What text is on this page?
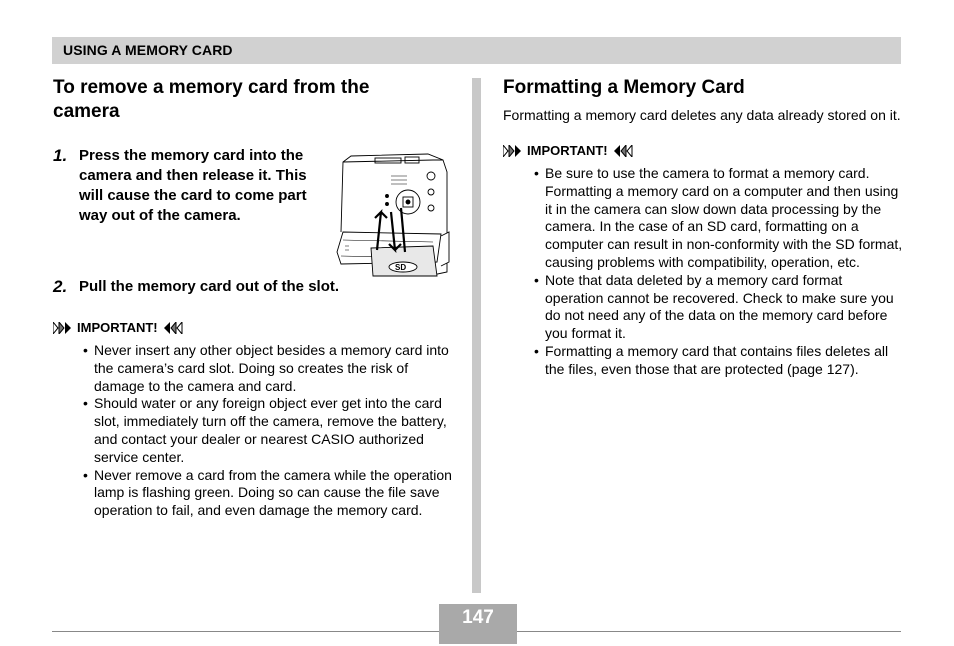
USING A MEMORY CARD
To remove a memory card from the camera
1. Press the memory card into the camera and then release it. This will cause the card to come part way out of the camera.
2. Pull the memory card out of the slot.
IMPORTANT!
• Never insert any other object besides a memory card into the camera’s card slot. Doing so creates the risk of damage to the camera and card.
• Should water or any foreign object ever get into the card slot, immediately turn off the camera, remove the battery, and contact your dealer or nearest CASIO authorized service center.
• Never remove a card from the camera while the operation lamp is flashing green. Doing so can cause the file save operation to fail, and even damage the memory card.
SD
Formatting a Memory Card
Formatting a memory card deletes any data already stored on it.
IMPORTANT!
• Be sure to use the camera to format a memory card. Formatting a memory card on a computer and then using it in the camera can slow down data processing by the camera. In the case of an SD card, formatting on a computer can result in non-conformity with the SD format, causing problems with compatibility, operation, etc.
• Note that data deleted by a memory card format operation cannot be recovered. Check to make sure you do not need any of the data on the memory card before you format it.
• Formatting a memory card that contains files deletes all the files, even those that are protected (page 127).
147
